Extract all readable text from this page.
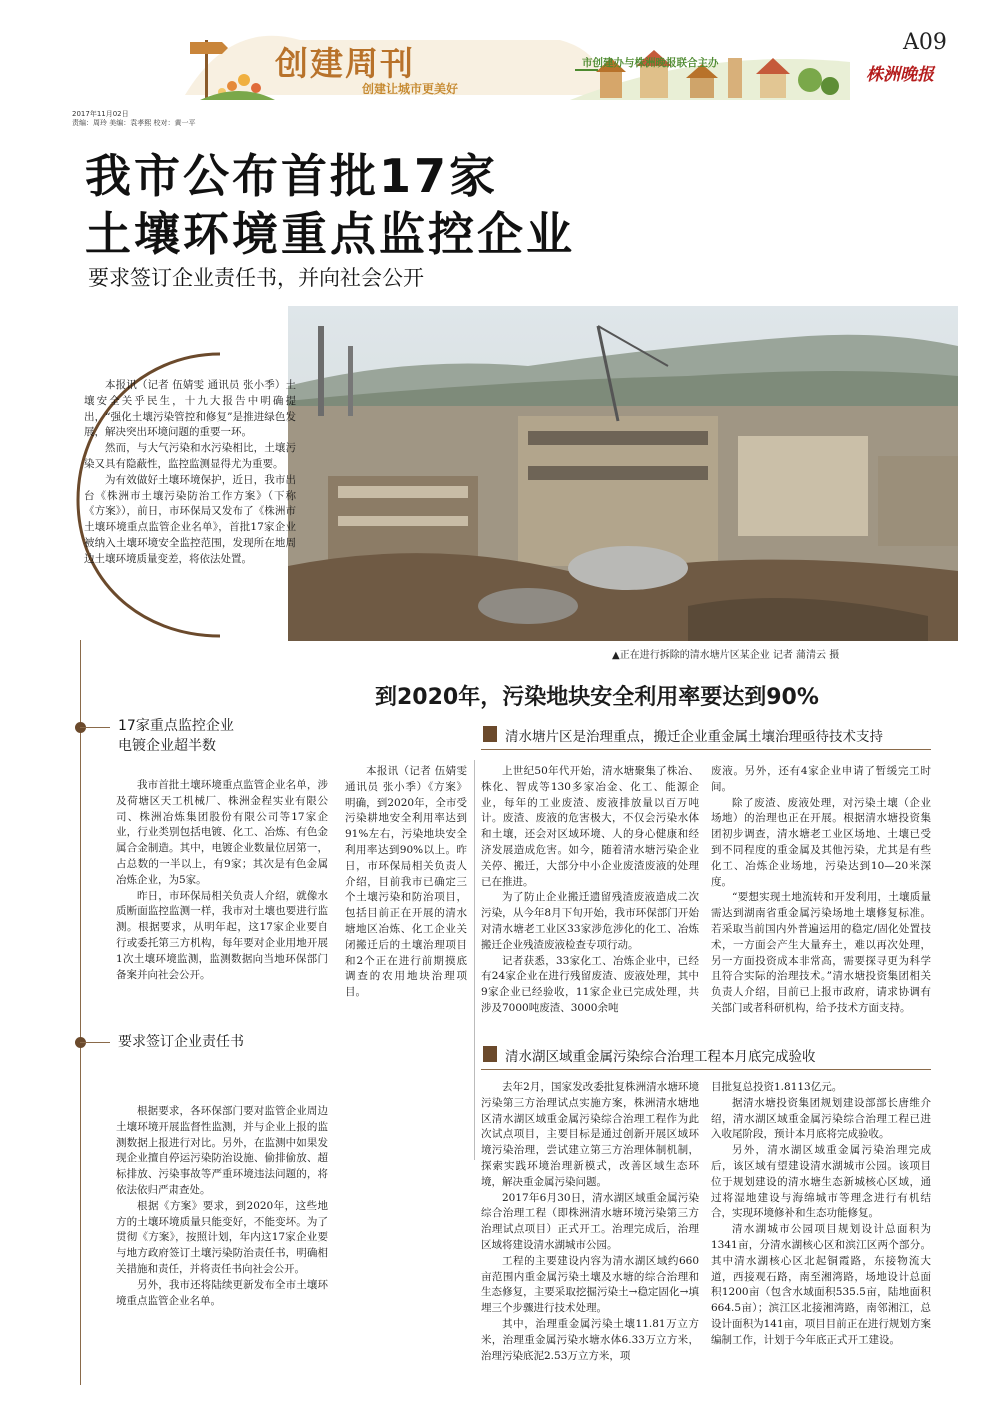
创建周刊
创建让城市更美好
市创建办与株洲晚报联合主办
A09
株洲晚报
2017年11月02日
责编：周玲 美编：袁孝熙 校对：黄一平
我市公布首批17家
土壤环境重点监控企业
要求签订企业责任书，并向社会公开
▲正在进行拆除的清水塘片区某企业 记者 蒲清云 摄

本报讯（记者 伍婧雯 通讯员 张小季）土壤安全关乎民生，十九大报告中明确提出，“强化土壤污染管控和修复”是推进绿色发展，解决突出环境问题的重要一环。

然而，与大气污染和水污染相比，土壤污染又具有隐蔽性，监控监测显得尤为重要。

为有效做好土壤环境保护，近日，我市出台《株洲市土壤污染防治工作方案》（下称《方案》），前日，市环保局又发布了《株洲市土壤环境重点监管企业名单》，首批17家企业被纳入土壤环境安全监控范围，发现所在地周边土壤环境质量变差，将依法处置。

17家重点监控企业
电镀企业超半数

我市首批土壤环境重点监管企业名单，涉及荷塘区天工机械厂、株洲金程实业有限公司、株洲冶炼集团股份有限公司等17家企业，行业类别包括电镀、化工、冶炼、有色金属合金制造。其中，电镀企业数量位居第一，占总数的一半以上，有9家；其次是有色金属冶炼企业，为5家。

昨日，市环保局相关负责人介绍，就像水质断面监控监测一样，我市对土壤也要进行监测。根据要求，从明年起，这17家企业要自行或委托第三方机构，每年要对企业用地开展1次土壤环境监测，监测数据向当地环保部门备案并向社会公开。

要求签订企业责任书

根据要求，各环保部门要对监管企业周边土壤环境开展监督性监测，并与企业上报的监测数据上报进行对比。另外，在监测中如果发现企业擅自停运污染防治设施、偷排偷放、超标排放、污染事故等严重环境违法问题的，将依法依归严肃查处。

根据《方案》要求，到2020年，这些地方的土壤环境质量只能变好，不能变坏。为了贯彻《方案》，按照计划，年内这17家企业要与地方政府签订土壤污染防治责任书，明确相关措施和责任，并将责任书向社会公开。

另外，我市还将陆续更新发布全市土壤环境重点监管企业名单。

到2020年，污染地块安全利用率要达到90%
清水塘片区是治理重点，搬迁企业重金属土壤治理亟待技术支持

本报讯（记者 伍婧雯 通讯员 张小季）《方案》明确，到2020年，全市受污染耕地安全利用率达到91%左右，污染地块安全利用率达到90%以上。昨日，市环保局相关负责人介绍，目前我市已确定三个土壤污染和防治项目，包括目前正在开展的清水塘地区冶炼、化工企业关闭搬迁后的土壤治理项目和2个正在进行前期摸底调查的农用地块治理项目。

上世纪50年代开始，清水塘聚集了株冶、株化、智成等130多家冶金、化工、能源企业，每年的工业废渣、废液排放量以百万吨计。废渣、废液的危害极大，不仅会污染水体和土壤，还会对区域环境、人的身心健康和经济发展造成危害。如今，随着清水塘污染企业关停、搬迁，大部分中小企业废渣废液的处理已在推进。

为了防止企业搬迁遗留残渣废液造成二次污染，从今年8月下旬开始，我市环保部门开始对清水塘老工业区33家涉危涉化的化工、冶炼搬迁企业残渣废液检查专项行动。

记者获悉，33家化工、冶炼企业中，已经有24家企业在进行残留废渣、废液处理，其中9家企业已经验收，11家企业已完成处理，共涉及7000吨废渣、3000余吨

废液。另外，还有4家企业申请了暂缓完工时间。

除了废渣、废液处理，对污染土壤（企业场地）的治理也正在开展。根据清水塘投资集团初步调查，清水塘老工业区场地、土壤已受到不同程度的重金属及其他污染，尤其是有些化工、冶炼企业场地，污染达到10—20米深度。

“要想实现土地流转和开发利用，土壤质量需达到湖南省重金属污染场地土壤修复标准。若采取当前国内外普遍运用的稳定/固化处置技术，一方面会产生大量弃土，难以再次处理，另一方面投资成本非常高，需要探寻更为科学且符合实际的治理技术。”清水塘投资集团相关负责人介绍，目前已上报市政府，请求协调有关部门或者科研机构，给予技术方面支持。

清水湖区域重金属污染综合治理工程本月底完成验收

去年2月，国家发改委批复株洲清水塘环境污染第三方治理试点实施方案，株洲清水塘地区清水湖区域重金属污染综合治理工程作为此次试点项目，主要目标是通过创新开展区域环境污染治理，尝试建立第三方治理体制机制，探索实践环境治理新模式，改善区域生态环境，解决重金属污染问题。

2017年6月30日，清水湖区域重金属污染综合治理工程（即株洲清水塘环境污染第三方治理试点项目）正式开工。治理完成后，治理区域将建设清水湖城市公园。

工程的主要建设内容为清水湖区域约660亩范围内重金属污染土壤及水塘的综合治理和生态修复，主要采取挖掘污染土→稳定固化→填埋三个步骤进行技术处理。

其中，治理重金属污染土壤11.81万立方米，治理重金属污染水塘水体6.33万立方米，治理污染底泥2.53万立方米，项

目批复总投资1.8113亿元。

据清水塘投资集团规划建设部部长唐维介绍，清水湖区域重金属污染综合治理工程已进入收尾阶段，预计本月底将完成验收。

另外，清水湖区域重金属污染治理完成后，该区域有望建设清水湖城市公园。该项目位于规划建设的清水塘生态新城核心区域，通过将湿地建设与海绵城市等理念进行有机结合，实现环境修补和生态功能修复。

清水湖城市公园项目规划设计总面积为1341亩，分清水湖核心区和滨江区两个部分。其中清水湖核心区北起铜霞路，东接物流大道，西接观石路，南至湘湾路，场地设计总面积1200亩（包含水域面积535.5亩，陆地面积664.5亩）；滨江区北接湘湾路，南邻湘江，总设计面积为141亩，项目目前正在进行规划方案编制工作，计划于今年底正式开工建设。
